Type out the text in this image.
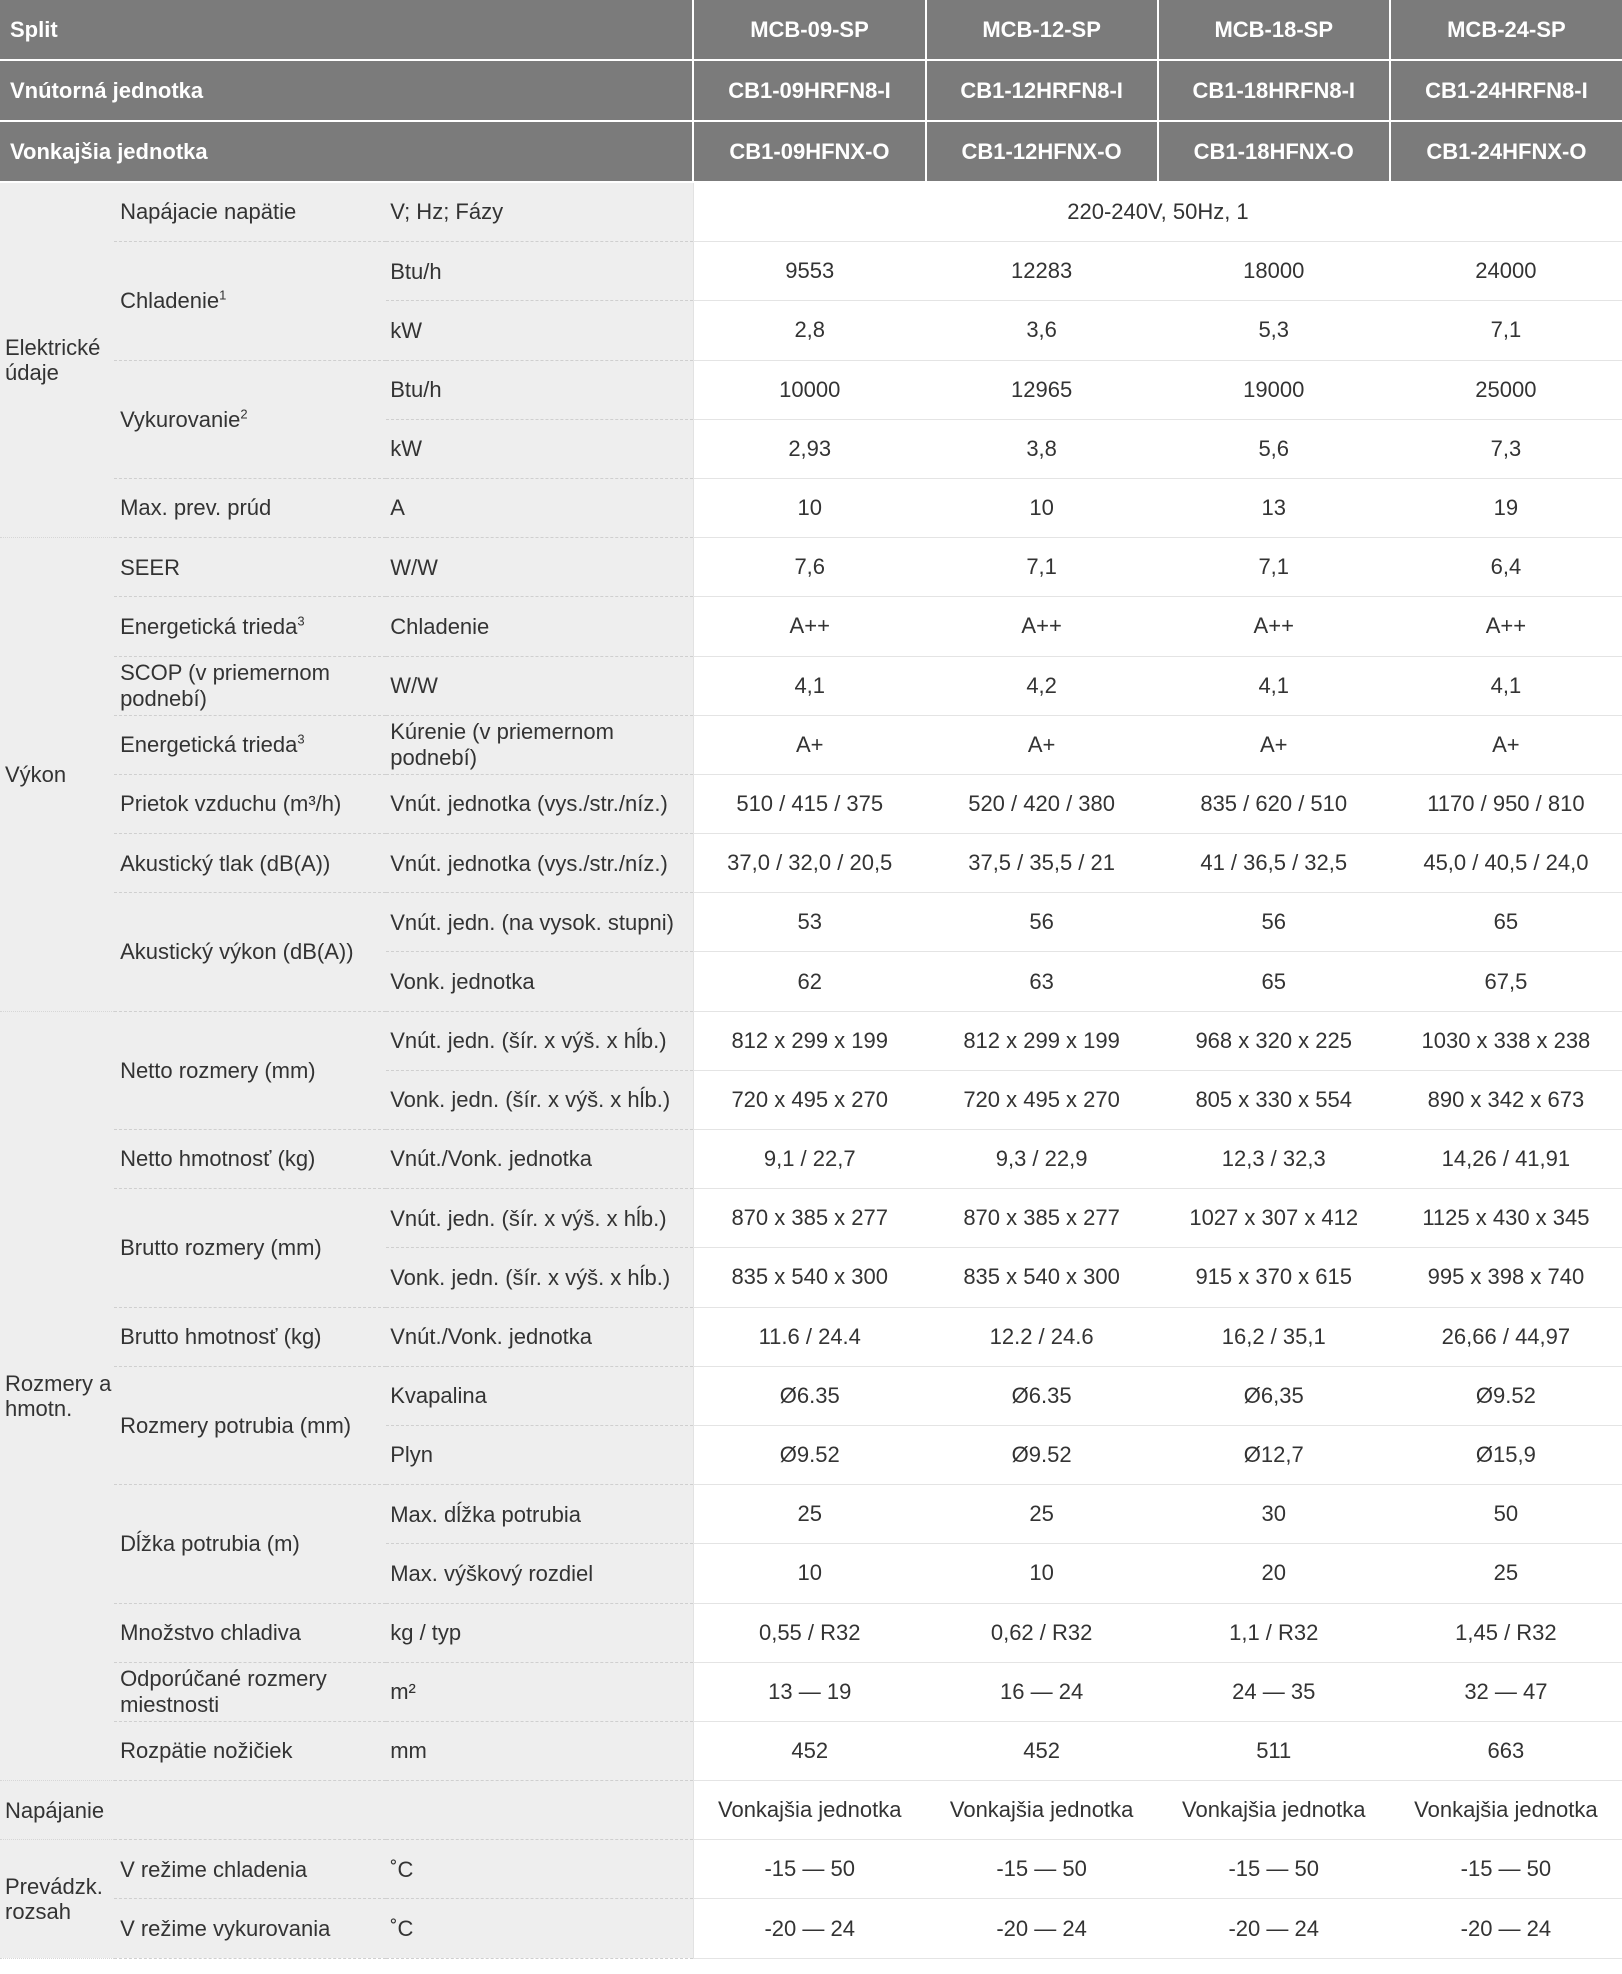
Split			MCB-09-SP	MCB-12-SP	MCB-18-SP	MCB-24-SP
Vnútorná jednotka			CB1-09HRFN8-I	CB1-12HRFN8-I	CB1-18HRFN8-I	CB1-24HRFN8-I
Vonkajšia jednotka			CB1-09HFNX-O	CB1-12HFNX-O	CB1-18HFNX-O	CB1-24HFNX-O
Elektrické údaje	Napájacie napätie	V; Hz; Fázy	220-240V, 50Hz, 1			
	Chladenie$^1$	Btu/h	9553	12283	18000	24000
		kW	2,8	3,6	5,3	7,1
	Vykurovanie$^2$	Btu/h	10000	12965	19000	25000
		kW	2,93	3,8	5,6	7,3
	Max. prev. prúd	A	10	10	13	19
Výkon	SEER	W/W	7,6	7,1	7,1	6,4
	Energetická trieda$^3$	Chladenie	A++	A++	A++	A++
	SCOP (v priemernom podnebí)	W/W	4,1	4,2	4,1	4,1
	Energetická trieda$^3$	Kúrenie (v priemernom podnebí)	A+	A+	A+	A+
	Prietok vzduchu (m³/h)	Vnút. jednotka (vys./str./níz.)	510 / 415 / 375	520 / 420 / 380	835 / 620 / 510	1170 / 950 / 810
	Akustický tlak (dB(A))	Vnút. jednotka (vys./str./níz.)	37,0 / 32,0 / 20,5	37,5 / 35,5 / 21	41 / 36,5 / 32,5	45,0 / 40,5 / 24,0
	Akustický výkon (dB(A))	Vnút. jedn. (na vysok. stupni)	53	56	56	65
		Vonk. jednotka	62	63	65	67,5
Rozmery a hmotn.	Netto rozmery (mm)	Vnút. jedn. (šír. x výš. x hĺb.)	812 x 299 x 199	812 x 299 x 199	968 x 320 x 225	1030 x 338 x 238
		Vonk. jedn. (šír. x výš. x hĺb.)	720 x 495 x 270	720 x 495 x 270	805 x 330 x 554	890 x 342 x 673
	Netto hmotnosť (kg)	Vnút./Vonk. jednotka	9,1 / 22,7	9,3 / 22,9	12,3 / 32,3	14,26 / 41,91
	Brutto rozmery (mm)	Vnút. jedn. (šír. x výš. x hĺb.)	870 x 385 x 277	870 x 385 x 277	1027 x 307 x 412	1125 x 430 x 345
		Vonk. jedn. (šír. x výš. x hĺb.)	835 x 540 x 300	835 x 540 x 300	915 x 370 x 615	995 x 398 x 740
	Brutto hmotnosť (kg)	Vnút./Vonk. jednotka	11.6 / 24.4	12.2 / 24.6	16,2 / 35,1	26,66 / 44,97
	Rozmery potrubia (mm)	Kvapalina	Ø6.35	Ø6.35	Ø6,35	Ø9.52
		Plyn	Ø9.52	Ø9.52	Ø12,7	Ø15,9
	Dĺžka potrubia (m)	Max. dĺžka potrubia	25	25	30	50
		Max. výškový rozdiel	10	10	20	25
	Množstvo chladiva	kg / typ	0,55 / R32	0,62 / R32	1,1 / R32	1,45 / R32
	Odporúčané rozmery miestnosti	m²	13 — 19	16 — 24	24 — 35	32 — 47
	Rozpätie nožičiek	mm	452	452	511	663
Napájanie			Vonkajšia jednotka	Vonkajšia jednotka	Vonkajšia jednotka	Vonkajšia jednotka
Prevádzk. rozsah	V režime chladenia	˚C	-15 — 50	-15 — 50	-15 — 50	-15 — 50
	V režime vykurovania	˚C	-20 — 24	-20 — 24	-20 — 24	-20 — 24
